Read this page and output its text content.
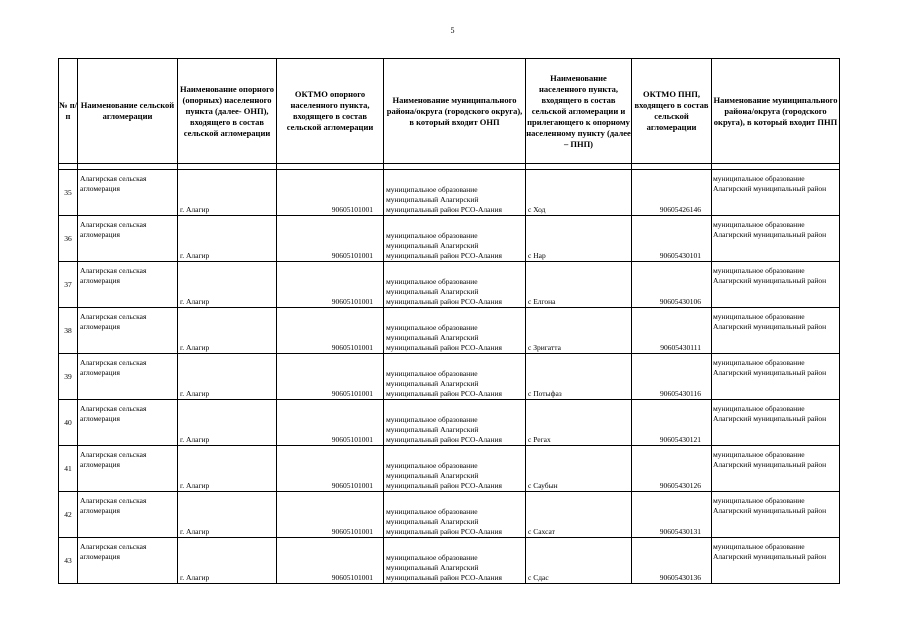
5
№ п/п	Наименование сельской агломерации	Наименование опорного (опорных) населенного пункта (далее- ОНП), входящего в состав сельской агломерации	ОКТМО опорного населенного пункта, входящего в состав сельской агломерации	Наименование муниципального района/округа (городского округа), в который входит ОНП	Наименование населенного пункта, входящего в состав сельской агломерации и прилегающего к опорному населенному пункту (далее – ПНП)	ОКТМО ПНП, входящего в состав сельской агломерации	Наименование муниципального района/округа (городского округа), в который входит ПНП

35	Алагирская сельская агломерация	г. Алагир	90605101001	муниципальное образование муниципальный Алагирский муниципальный район РСО-Алания	с Ход	90605426146	муниципальное образование Алагирский муниципальный район
36	Алагирская сельская агломерация	г. Алагир	90605101001	муниципальное образование муниципальный Алагирский муниципальный район РСО-Алания	с Нар	90605430101	муниципальное образование Алагирский муниципальный район
37	Алагирская сельская агломерация	г. Алагир	90605101001	муниципальное образование муниципальный Алагирский муниципальный район РСО-Алания	с Елгона	90605430106	муниципальное образование Алагирский муниципальный район
38	Алагирская сельская агломерация	г. Алагир	90605101001	муниципальное образование муниципальный Алагирский муниципальный район РСО-Алания	с Зригатта	90605430111	муниципальное образование Алагирский муниципальный район
39	Алагирская сельская агломерация	г. Алагир	90605101001	муниципальное образование муниципальный Алагирский муниципальный район РСО-Алания	с Потыфаз	90605430116	муниципальное образование Алагирский муниципальный район
40	Алагирская сельская агломерация	г. Алагир	90605101001	муниципальное образование муниципальный Алагирский муниципальный район РСО-Алания	с Регах	90605430121	муниципальное образование Алагирский муниципальный район
41	Алагирская сельская агломерация	г. Алагир	90605101001	муниципальное образование муниципальный Алагирский муниципальный район РСО-Алания	с Саубын	90605430126	муниципальное образование Алагирский муниципальный район
42	Алагирская сельская агломерация	г. Алагир	90605101001	муниципальное образование муниципальный Алагирский муниципальный район РСО-Алания	с Сахсат	90605430131	муниципальное образование Алагирский муниципальный район
43	Алагирская сельская агломерация	г. Алагир	90605101001	муниципальное образование муниципальный Алагирский муниципальный район РСО-Алания	с Сдас	90605430136	муниципальное образование Алагирский муниципальный район
